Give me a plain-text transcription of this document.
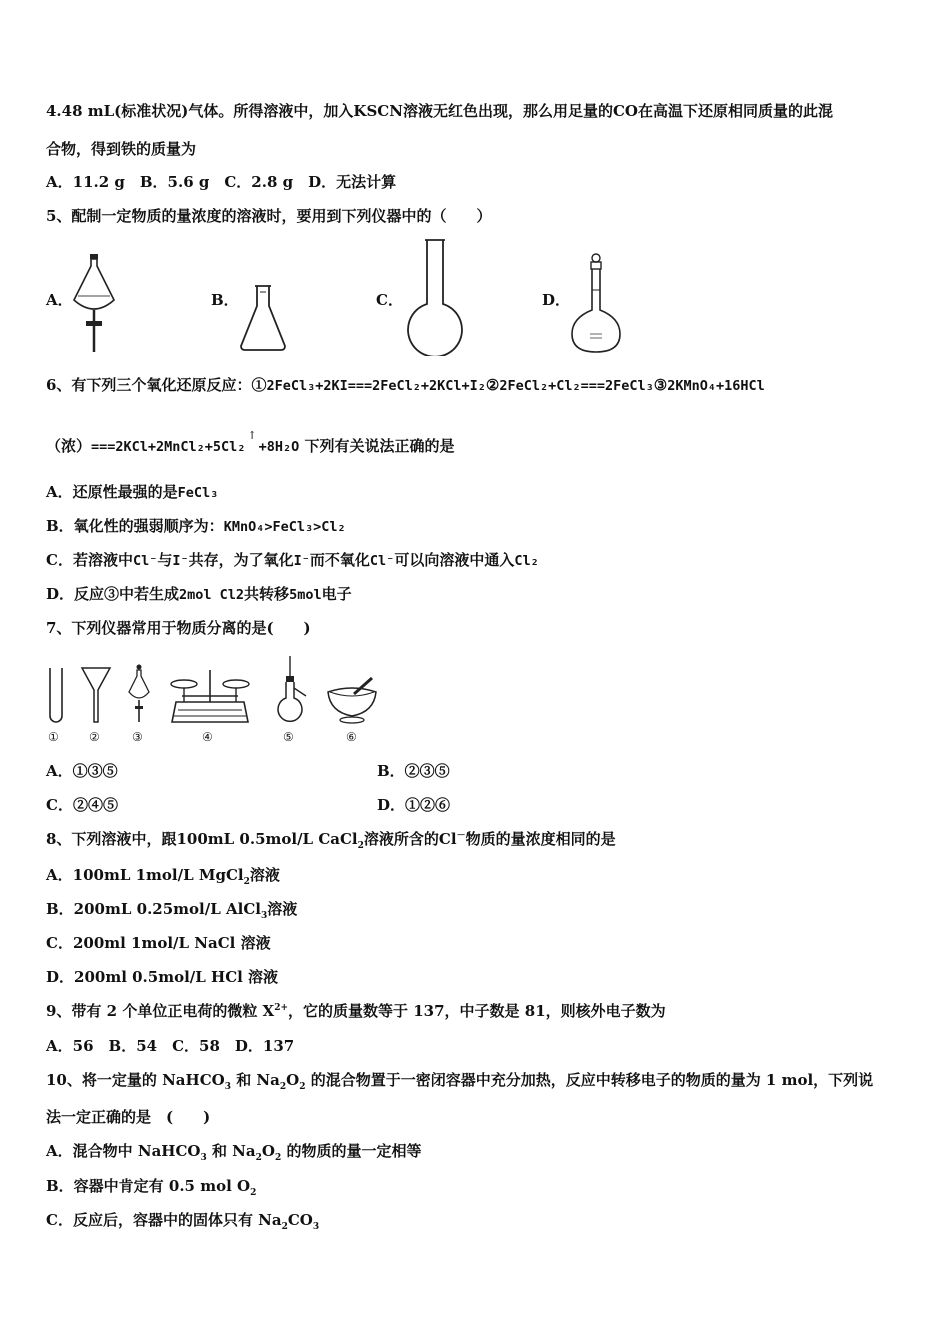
4.48 mL(标准状况)气体。所得溶液中，加入KSCN溶液无红色出现，那么用足量的CO在高温下还原相同质量的此混
合物，得到铁的质量为
A．11.2 g　B．5.6 g　C．2.8 g　D．无法计算
5、配制一定物质的量浓度的溶液时，要用到下列仪器中的（　　）
A．	B．	C．	D．
6、有下列三个氧化还原反应：①2FeCl₃+2KI===2FeCl₂+2KCl+I₂②2FeCl₂+Cl₂===2FeCl₃③2KMnO₄+16HCl
（浓）===2KCl+2MnCl₂+5Cl₂↑+8H₂O 下列有关说法正确的是
A．还原性最强的是FeCl₃
B．氧化性的强弱顺序为：KMnO₄>FeCl₃>Cl₂
C．若溶液中Cl⁻与I⁻共存，为了氧化I⁻而不氧化Cl⁻可以向溶液中通入Cl₂
D．反应③中若生成2mol Cl2共转移5mol电子
7、下列仪器常用于物质分离的是(　　)
①	②	③	④	⑤	⑥
A．①③⑤	B．②③⑤
C．②④⑤	D．①②⑥
8、下列溶液中，跟100mL 0.5mol/L CaCl$_2$溶液所含的Cl－物质的量浓度相同的是
A．100mL 1mol/L MgCl$_2$溶液
B．200mL 0.25mol/L AlCl$_3$溶液
C．200ml 1mol/L NaCl 溶液
D．200ml 0.5mol/L HCl 溶液
9、带有 2 个单位正电荷的微粒 $X^{2+}$，它的质量数等于 137，中子数是 81，则核外电子数为
A．56　B．54　C．58　D．137
10、将一定量的 NaHCO$_3$ 和 $Na_2O_2$ 的混合物置于一密闭容器中充分加热，反应中转移电子的物质的量为 1 mol，下列说
法一定正确的是　(　　)
A．混合物中 NaHCO$_3$ 和 $Na_2O_2$ 的物质的量一定相等
B．容器中肯定有 0.5 mol $O_2$
C．反应后，容器中的固体只有 $Na_2CO_3$
